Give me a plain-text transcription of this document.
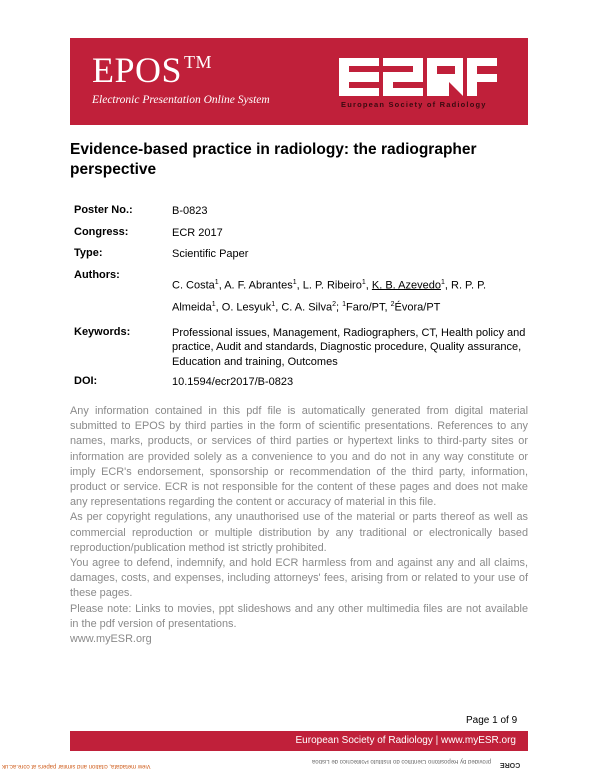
EPOS ™
Electronic Presentation Online System	European Society of Radiology
Evidence-based practice in radiology: the radiographer perspective
Poster No.:	B-0823
Congress:	ECR 2017
Type:	Scientific Paper
Authors:
C. Costa$^1$, A. F. Abrantes$^1$, L. P. Ribeiro$^1$, K. B. Azevedo$^1$, R. P. P.
Almeida$^1$, O. Lesyuk$^1$, C. A. Silva$^2$; $^1$Faro/PT, $^2$Évora/PT
Keywords:	Professional issues, Management, Radiographers, CT, Health policy and practice, Audit and standards, Diagnostic procedure, Quality assurance, Education and training, Outcomes
DOI:	10.1594/ecr2017/B-0823

Any information contained in this pdf file is automatically generated from digital material submitted to EPOS by third parties in the form of scientific presentations. References to any names, marks, products, or services of third parties or hypertext links to third-party sites or information are provided solely as a convenience to you and do not in any way constitute or imply ECR's endorsement, sponsorship or recommendation of the third party, information, product or service. ECR is not responsible for the content of these pages and does not make any representations regarding the content or accuracy of material in this file.

As per copyright regulations, any unauthorised use of the material or parts thereof as well as commercial reproduction or multiple distribution by any traditional or electronically based reproduction/publication method ist strictly prohibited.

You agree to defend, indemnify, and hold ECR harmless from and against any and all claims, damages, costs, and expenses, including attorneys' fees, arising from or related to your use of these pages.

Please note: Links to movies, ppt slideshows and any other multimedia files are not available in the pdf version of presentations.

www.myESR.org

Page 1 of 9
European Society of Radiology | www.myESR.org
View metadata, citation and similar papers at core.ac.uk
provided by Repositório Científico do Instituto Politécnico de Lisboa CORE
